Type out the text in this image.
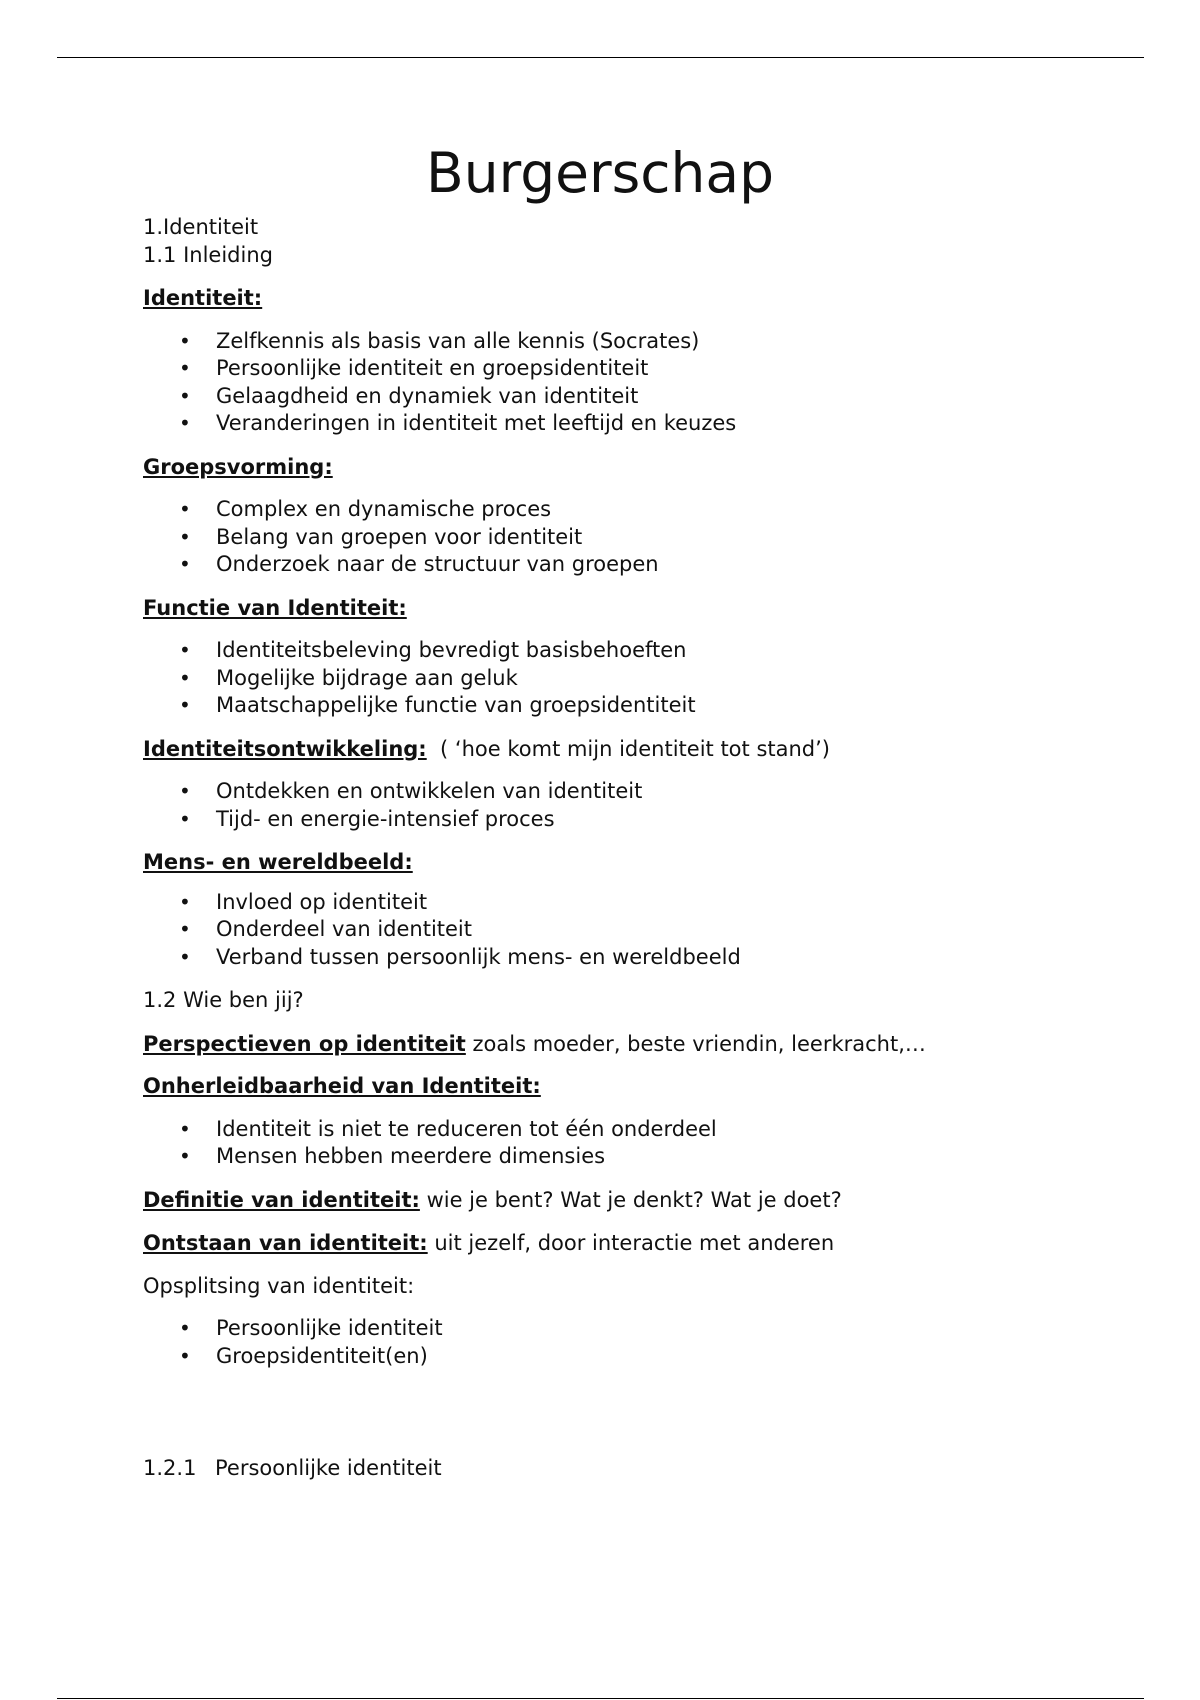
Burgerschap

1.Identiteit

1.1 Inleiding

Identiteit:

• Zelfkennis als basis van alle kennis (Socrates)
• Persoonlijke identiteit en groepsidentiteit
• Gelaagdheid en dynamiek van identiteit
• Veranderingen in identiteit met leeftijd en keuzes

Groepsvorming:

• Complex en dynamische proces
• Belang van groepen voor identiteit
• Onderzoek naar de structuur van groepen

Functie van Identiteit:

• Identiteitsbeleving bevredigt basisbehoeften
• Mogelijke bijdrage aan geluk
• Maatschappelijke functie van groepsidentiteit

Identiteitsontwikkeling:  ( ‘hoe komt mijn identiteit tot stand’)

• Ontdekken en ontwikkelen van identiteit
• Tijd- en energie-intensief proces

Mens- en wereldbeeld:

• Invloed op identiteit
• Onderdeel van identiteit
• Verband tussen persoonlijk mens- en wereldbeeld

1.2 Wie ben jij?

Perspectieven op identiteit zoals moeder, beste vriendin, leerkracht,…

Onherleidbaarheid van Identiteit:

• Identiteit is niet te reduceren tot één onderdeel
• Mensen hebben meerdere dimensies

Definitie van identiteit: wie je bent? Wat je denkt? Wat je doet?

Ontstaan van identiteit: uit jezelf, door interactie met anderen

Opsplitsing van identiteit:

• Persoonlijke identiteit
• Groepsidentiteit(en)

1.2.1 Persoonlijke identiteit
